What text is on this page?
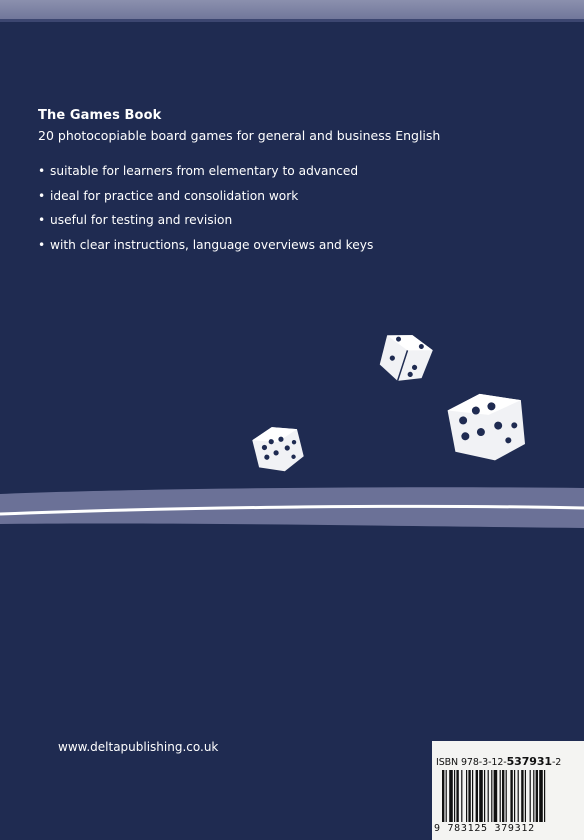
The Games Book
20 photocopiable board games for general and business English
• suitable for learners from elementary to advanced
• ideal for practice and consolidation work
• useful for testing and revision
• with clear instructions, language overviews and keys
www.deltapublishing.co.uk
ISBN 978-3-12-537931-2
9 783125 379312
